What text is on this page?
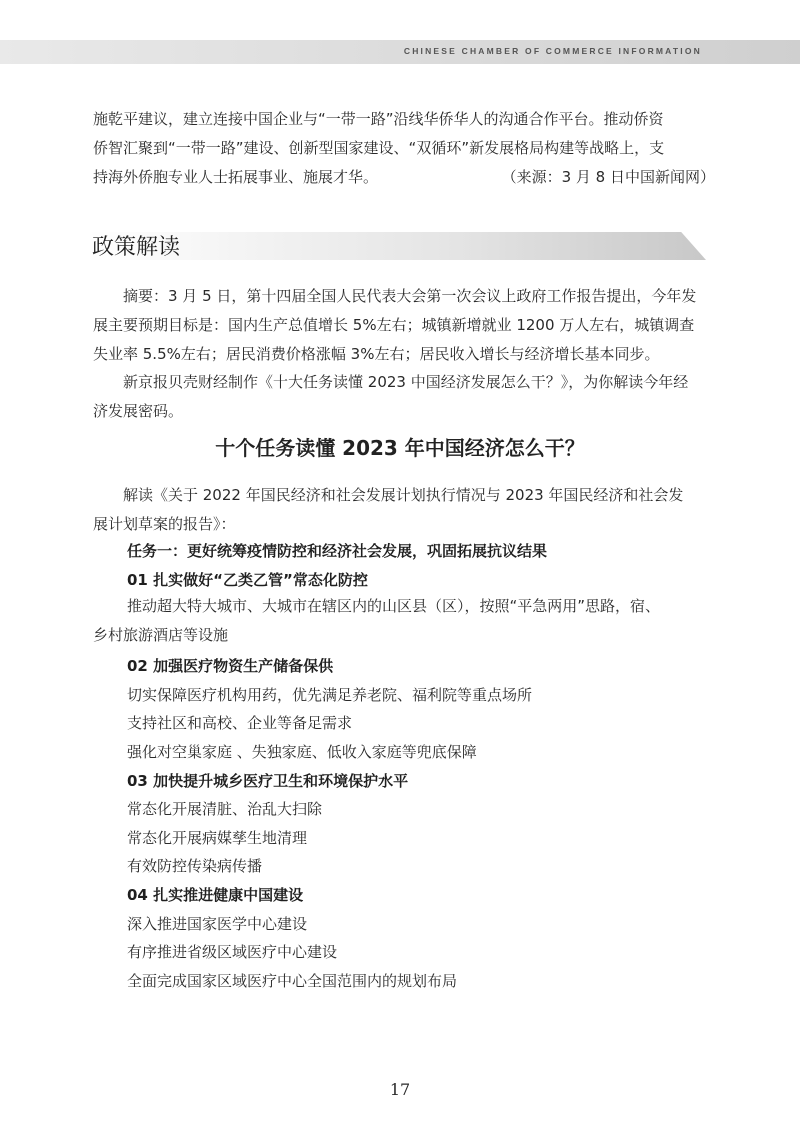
CHINESE CHAMBER OF COMMERCE INFORMATION
施乾平建议，建立连接中国企业与“一带一路”沿线华侨华人的沟通合作平台。推动侨资
侨智汇聚到“一带一路”建设、创新型国家建设、“双循环”新发展格局构建等战略上，支
持海外侨胞专业人士拓展事业、施展才华。	（来源：3 月 8 日中国新闻网）
政策解读
摘要：3 月 5 日，第十四届全国人民代表大会第一次会议上政府工作报告提出，今年发
展主要预期目标是：国内生产总值增长 5%左右；城镇新增就业 1200 万人左右，城镇调查
失业率 5.5%左右；居民消费价格涨幅 3%左右；居民收入增长与经济增长基本同步。
新京报贝壳财经制作《十大任务读懂 2023 中国经济发展怎么干？》，为你解读今年经
济发展密码。
十个任务读懂 2023 年中国经济怎么干？
解读《关于 2022 年国民经济和社会发展计划执行情况与 2023 年国民经济和社会发
展计划草案的报告》：
任务一：更好统筹疫情防控和经济社会发展，巩固拓展抗议结果
01 扎实做好“乙类乙管”常态化防控
推动超大特大城市、大城市在辖区内的山区县（区），按照“平急两用”思路，宿、
乡村旅游酒店等设施
02 加强医疗物资生产储备保供
切实保障医疗机构用药，优先满足养老院、福利院等重点场所
支持社区和高校、企业等备足需求
强化对空巢家庭 、失独家庭、低收入家庭等兜底保障
03 加快提升城乡医疗卫生和环境保护水平
常态化开展清脏、治乱大扫除
常态化开展病媒孳生地清理
有效防控传染病传播
04 扎实推进健康中国建设
深入推进国家医学中心建设
有序推进省级区域医疗中心建设
全面完成国家区域医疗中心全国范围内的规划布局
17
